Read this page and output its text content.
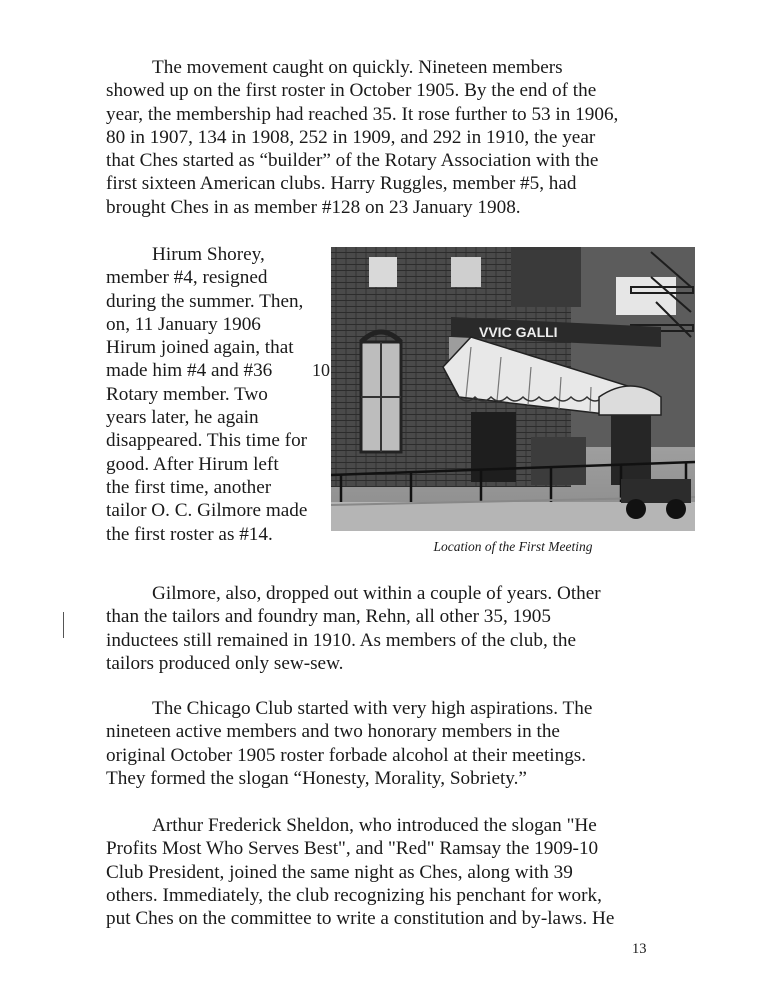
The movement caught on quickly. Nineteen members
showed up on the first roster in October 1905. By the end of the
year, the membership had reached 35. It rose further to 53 in 1906,
80 in 1907, 134 in 1908, 252 in 1909, and 292 in 1910, the year
that Ches started as “builder” of the Rotary Association with the
first sixteen American clubs. Harry Ruggles, member #5, had
brought Ches in as member #128 on 23 January 1908.

Hirum Shorey,
member #4, resigned
during the summer. Then,
on, 11 January 1906
Hirum joined again, that
made him #4 and #36
Rotary member. Two
years later, he again
disappeared. This time for
good. After Hirum left
the first time, another
tailor O. C. Gilmore made
the first roster as #14.

10
VVIC GALLI
Location of the First Meeting

Gilmore, also, dropped out within a couple of years. Other
than the tailors and foundry man, Rehn, all other 35, 1905
inductees still remained in 1910. As members of the club, the
tailors produced only sew-sew.

The Chicago Club started with very high aspirations. The
nineteen active members and two honorary members in the
original October 1905 roster forbade alcohol at their meetings.
They formed the slogan “Honesty, Morality, Sobriety.”

Arthur Frederick Sheldon, who introduced the slogan "He
Profits Most Who Serves Best", and "Red" Ramsay the 1909-10
Club President, joined the same night as Ches, along with 39
others. Immediately, the club recognizing his penchant for work,
put Ches on the committee to write a constitution and by-laws. He

13
